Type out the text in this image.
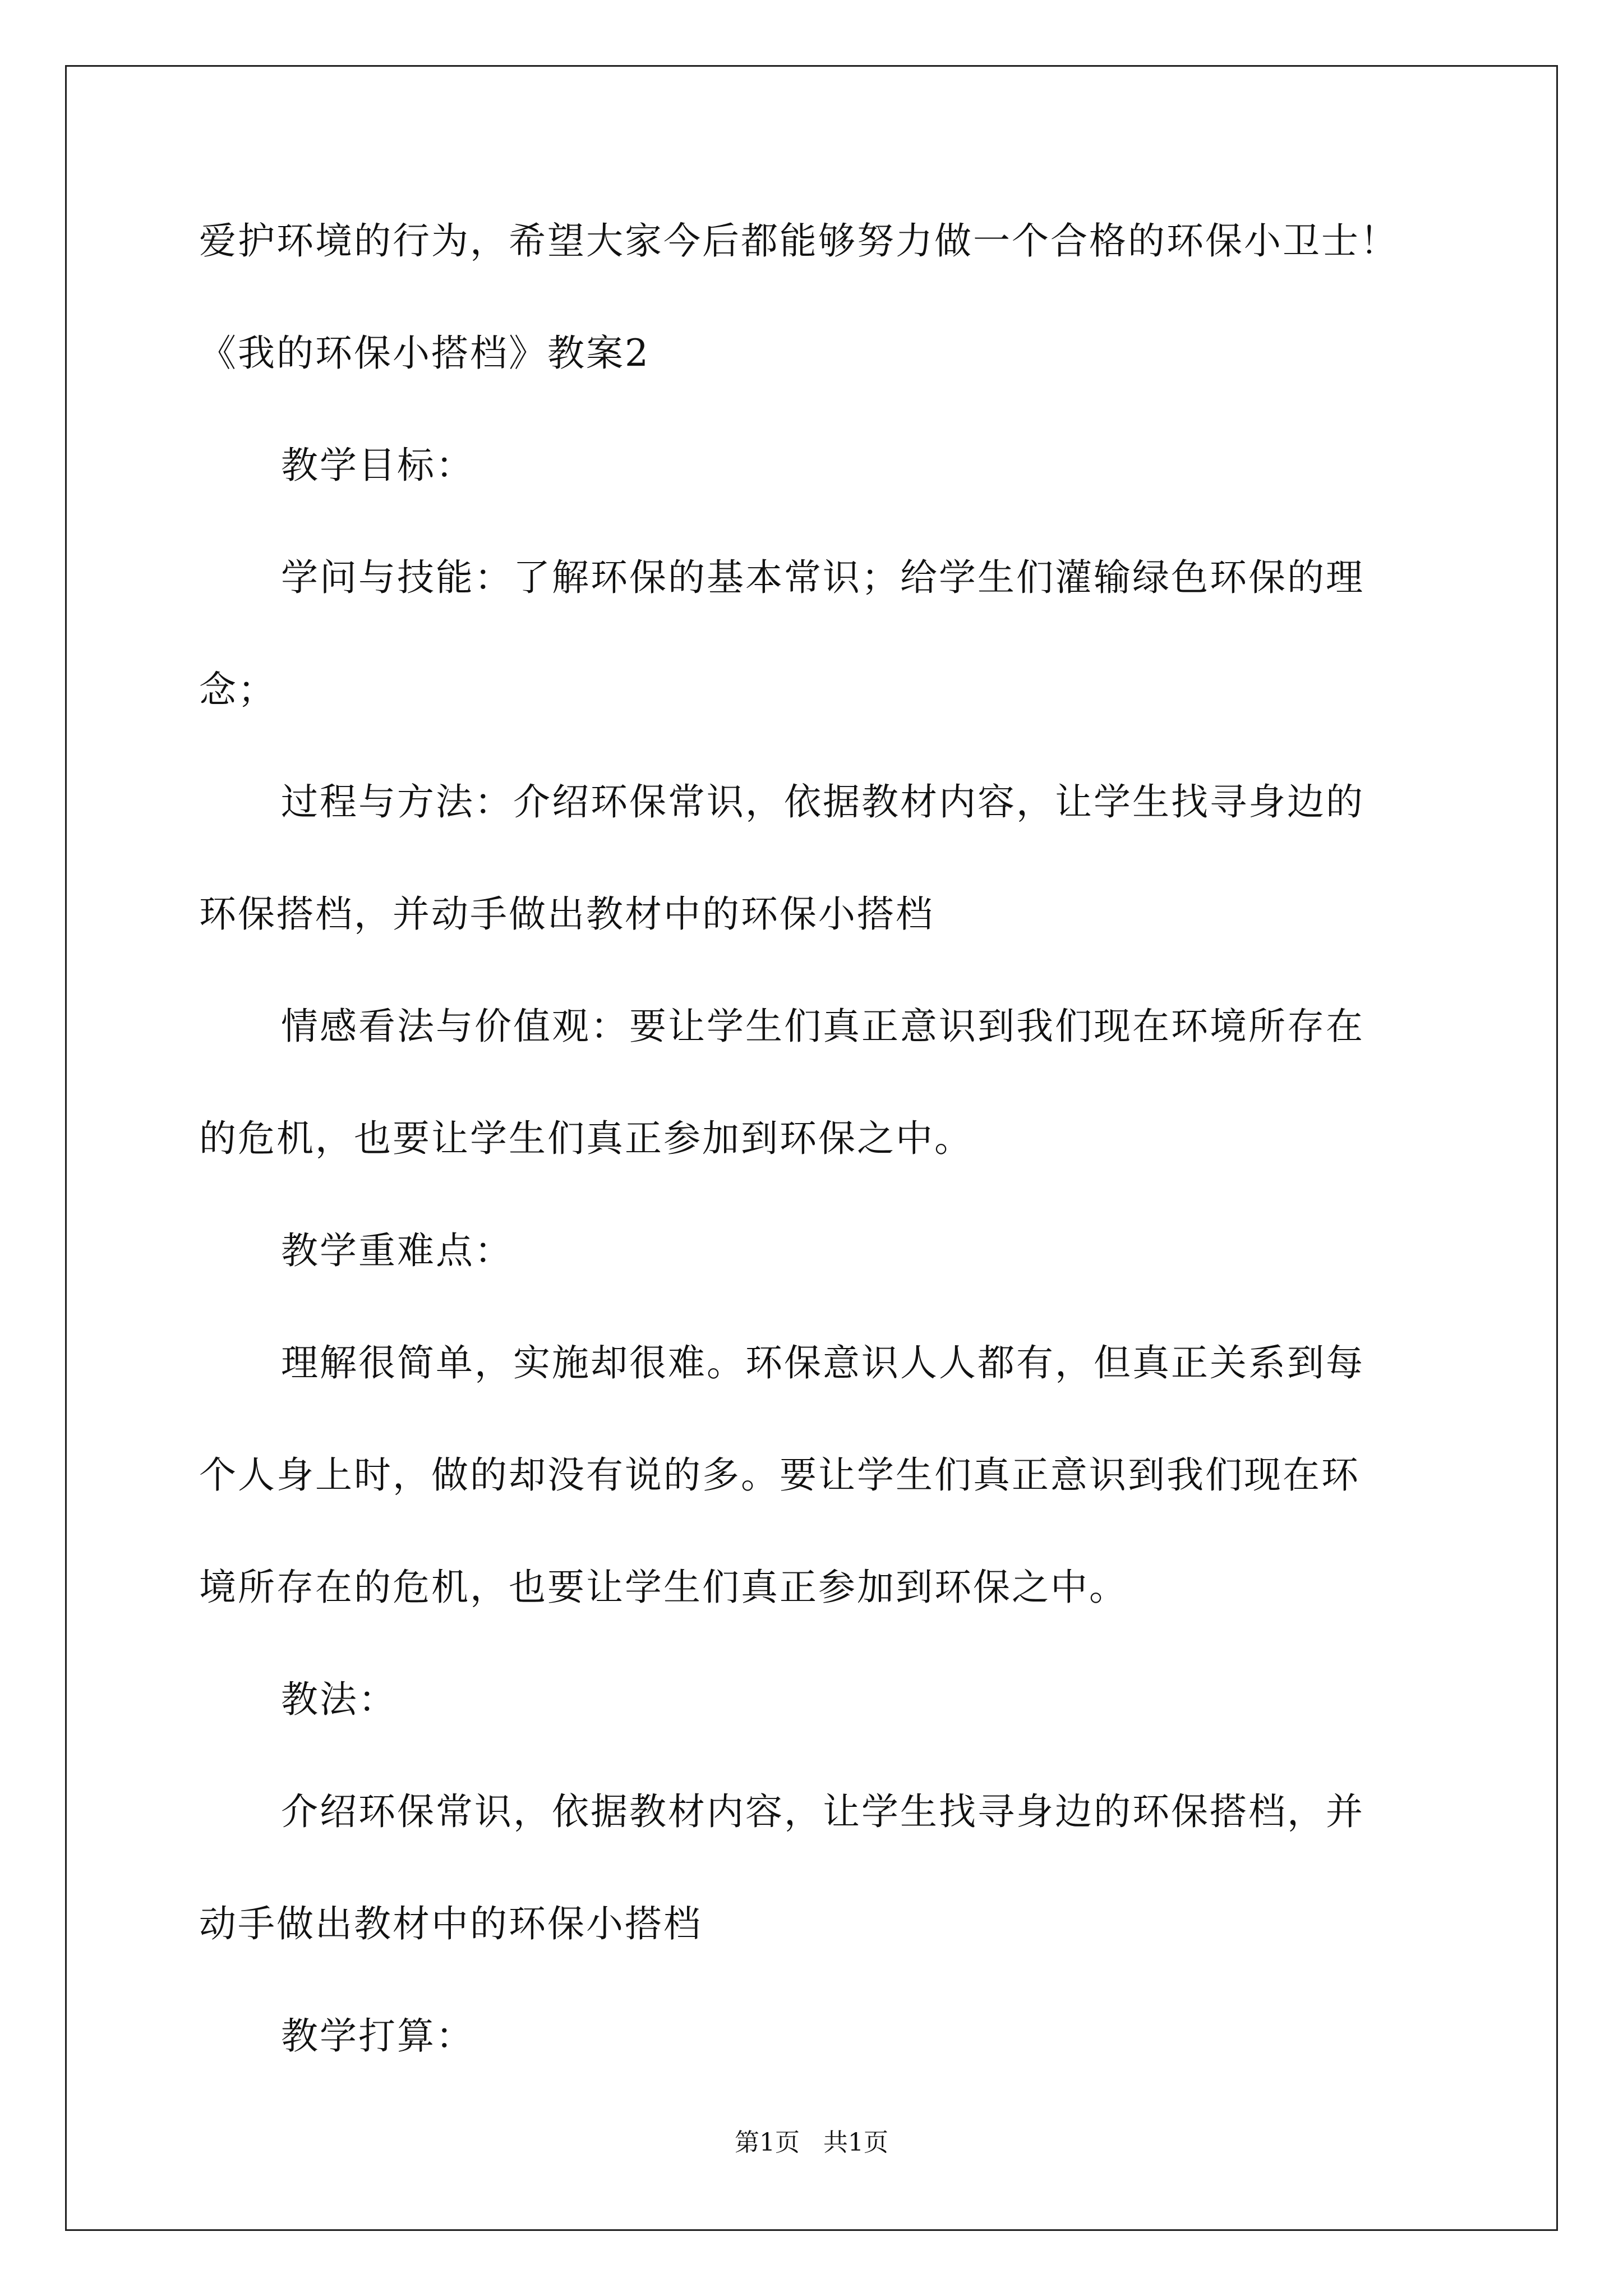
爱护环境的行为，希望大家今后都能够努力做一个合格的环保小卫士！
《我的环保小搭档》教案2
教学目标：
学问与技能：了解环保的基本常识；给学生们灌输绿色环保的理
念；
过程与方法：介绍环保常识，依据教材内容，让学生找寻身边的
环保搭档，并动手做出教材中的环保小搭档
情感看法与价值观：要让学生们真正意识到我们现在环境所存在
的危机，也要让学生们真正参加到环保之中。
教学重难点：
理解很简单，实施却很难。环保意识人人都有，但真正关系到每
个人身上时，做的却没有说的多。要让学生们真正意识到我们现在环
境所存在的危机，也要让学生们真正参加到环保之中。
教法：
介绍环保常识，依据教材内容，让学生找寻身边的环保搭档，并
动手做出教材中的环保小搭档
教学打算：
第1页   共1页
